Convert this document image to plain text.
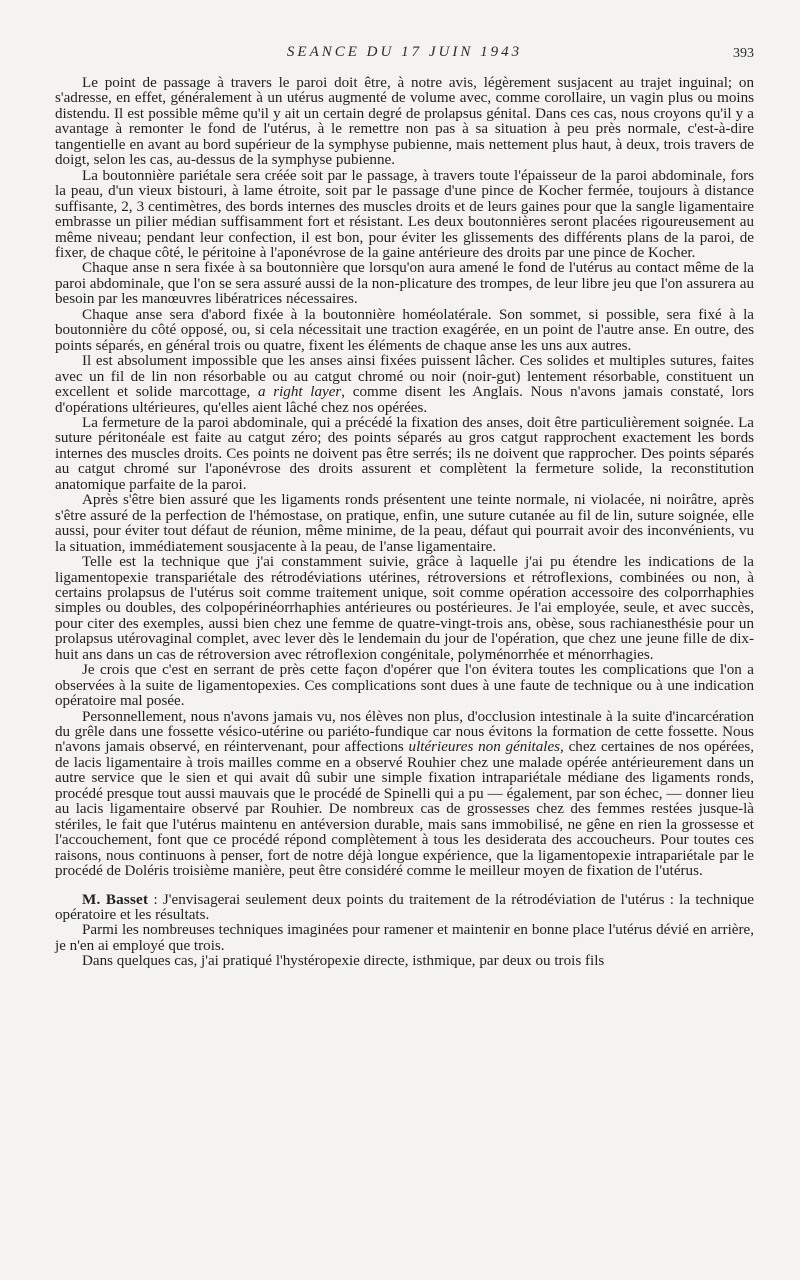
SEANCE DU 17 JUIN 1943	393

Le point de passage à travers le paroi doit être, à notre avis, légèrement susjacent au trajet inguinal; on s'adresse, en effet, généralement à un utérus augmenté de volume avec, comme corollaire, un vagin plus ou moins distendu. Il est possible même qu'il y ait un certain degré de prolapsus génital. Dans ces cas, nous croyons qu'il y a avantage à remonter le fond de l'utérus, à le remettre non pas à sa situation à peu près normale, c'est-à-dire tangentielle en avant au bord supérieur de la symphyse pubienne, mais nettement plus haut, à deux, trois travers de doigt, selon les cas, au-dessus de la symphyse pubienne.

La boutonnière pariétale sera créée soit par le passage, à travers toute l'épaisseur de la paroi abdominale, fors la peau, d'un vieux bistouri, à lame étroite, soit par le passage d'une pince de Kocher fermée, toujours à distance suffisante, 2, 3 centimètres, des bords internes des muscles droits et de leurs gaines pour que la sangle ligamentaire embrasse un pilier médian suffisamment fort et résistant. Les deux boutonnières seront placées rigoureusement au même niveau; pendant leur confection, il est bon, pour éviter les glissements des différents plans de la paroi, de fixer, de chaque côté, le péritoine à l'aponévrose de la gaine antérieure des droits par une pince de Kocher.

Chaque anse n sera fixée à sa boutonnière que lorsqu'on aura amené le fond de l'utérus au contact même de la paroi abdominale, que l'on se sera assuré aussi de la non-plicature des trompes, de leur libre jeu que l'on assurera au besoin par les manœuvres libératrices nécessaires.

Chaque anse sera d'abord fixée à la boutonnière homéolatérale. Son sommet, si possible, sera fixé à la boutonnière du côté opposé, ou, si cela nécessitait une traction exagérée, en un point de l'autre anse. En outre, des points séparés, en général trois ou quatre, fixent les éléments de chaque anse les uns aux autres.

Il est absolument impossible que les anses ainsi fixées puissent lâcher. Ces solides et multiples sutures, faites avec un fil de lin non résorbable ou au catgut chromé ou noir (noir-gut) lentement résorbable, constituent un excellent et solide marcottage, a right layer, comme disent les Anglais. Nous n'avons jamais constaté, lors d'opérations ultérieures, qu'elles aient lâché chez nos opérées.

La fermeture de la paroi abdominale, qui a précédé la fixation des anses, doit être particulièrement soignée. La suture péritonéale est faite au catgut zéro; des points séparés au gros catgut rapprochent exactement les bords internes des muscles droits. Ces points ne doivent pas être serrés; ils ne doivent que rapprocher. Des points séparés au catgut chromé sur l'aponévrose des droits assurent et complètent la fermeture solide, la reconstitution anatomique parfaite de la paroi.

Après s'être bien assuré que les ligaments ronds présentent une teinte normale, ni violacée, ni noirâtre, après s'être assuré de la perfection de l'hémostase, on pratique, enfin, une suture cutanée au fil de lin, suture soignée, elle aussi, pour éviter tout défaut de réunion, même minime, de la peau, défaut qui pourrait avoir des inconvénients, vu la situation, immédiatement sousjacente à la peau, de l'anse ligamentaire.

Telle est la technique que j'ai constamment suivie, grâce à laquelle j'ai pu étendre les indications de la ligamentopexie transpariétale des rétrodéviations utérines, rétroversions et rétroflexions, combinées ou non, à certains prolapsus de l'utérus soit comme traitement unique, soit comme opération accessoire des colporrhaphies simples ou doubles, des colpopérinéorrhaphies antérieures ou postérieures. Je l'ai employée, seule, et avec succès, pour citer des exemples, aussi bien chez une femme de quatre-vingt-trois ans, obèse, sous rachianesthésie pour un prolapsus utérovaginal complet, avec lever dès le lendemain du jour de l'opération, que chez une jeune fille de dix-huit ans dans un cas de rétroversion avec rétroflexion congénitale, polyménorrhée et ménorrhagies.

Je crois que c'est en serrant de près cette façon d'opérer que l'on évitera toutes les complications que l'on a observées à la suite de ligamentopexies. Ces complications sont dues à une faute de technique ou à une indication opératoire mal posée.

Personnellement, nous n'avons jamais vu, nos élèves non plus, d'occlusion intestinale à la suite d'incarcération du grêle dans une fossette vésico-utérine ou pariéto-fundique car nous évitons la formation de cette fossette. Nous n'avons jamais observé, en réintervenant, pour affections ultérieures non génitales, chez certaines de nos opérées, de lacis ligamentaire à trois mailles comme en a observé Rouhier chez une malade opérée antérieurement dans un autre service que le sien et qui avait dû subir une simple fixation intrapariétale médiane des ligaments ronds, procédé presque tout aussi mauvais que le procédé de Spinelli qui a pu — également, par son échec, — donner lieu au lacis ligamentaire observé par Rouhier. De nombreux cas de grossesses chez des femmes restées jusque-là stériles, le fait que l'utérus maintenu en antéversion durable, mais sans immobilisé, ne gêne en rien la grossesse et l'accouchement, font que ce procédé répond complètement à tous les desiderata des accoucheurs. Pour toutes ces raisons, nous continuons à penser, fort de notre déjà longue expérience, que la ligamentopexie intrapariétale par le procédé de Doléris troisième manière, peut être considéré comme le meilleur moyen de fixation de l'utérus.

M. Basset : J'envisagerai seulement deux points du traitement de la rétrodéviation de l'utérus : la technique opératoire et les résultats.

Parmi les nombreuses techniques imaginées pour ramener et maintenir en bonne place l'utérus dévié en arrière, je n'en ai employé que trois.

Dans quelques cas, j'ai pratiqué l'hystéropexie directe, isthmique, par deux ou trois fils
